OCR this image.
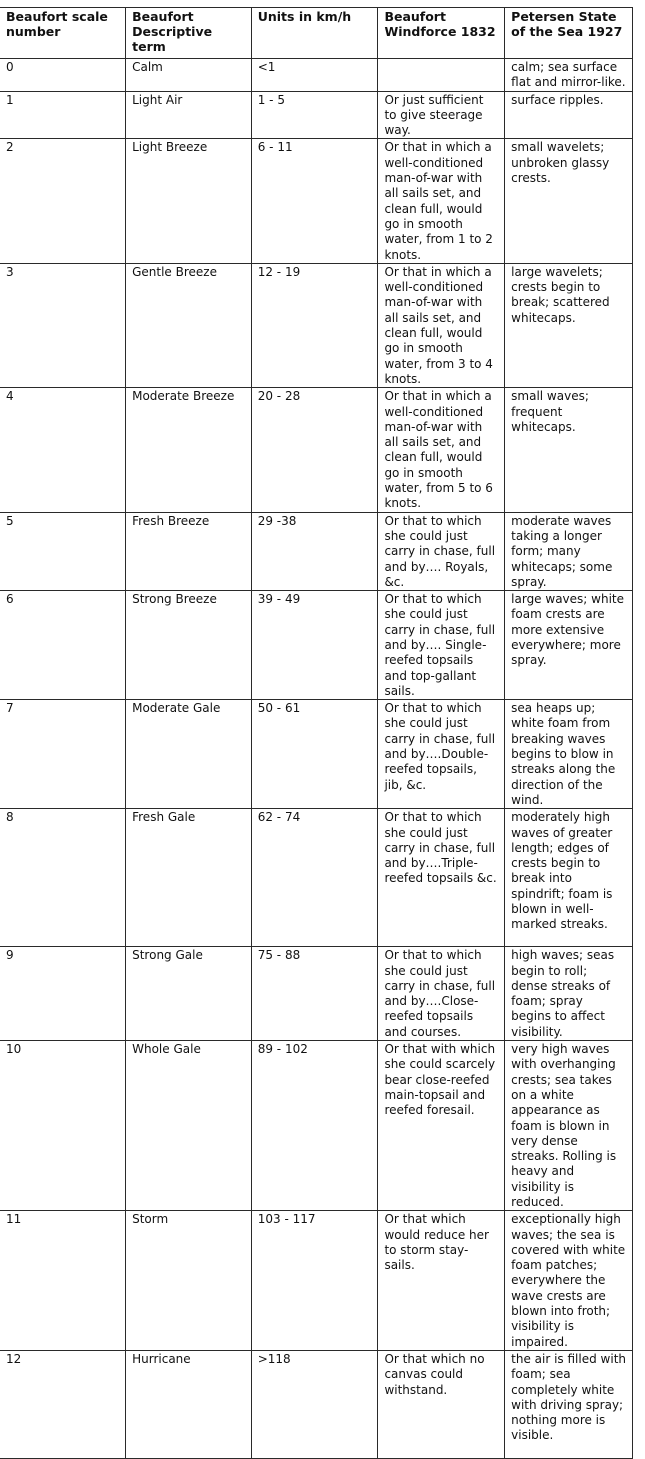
Beaufort scale number	Beaufort Descriptive term	Units in km/h	Beaufort Windforce 1832	Petersen State of the Sea 1927
0	Calm	<1		calm; sea surface flat and mirror-like.
1	Light Air	1 - 5	Or just sufficient to give steerage way.	surface ripples.
2	Light Breeze	6 - 11	Or that in which a well-conditioned man-of-war with all sails set, and clean full, would go in smooth water, from 1 to 2 knots.	small wavelets; unbroken glassy crests.
3	Gentle Breeze	12 - 19	Or that in which a well-conditioned man-of-war with all sails set, and clean full, would go in smooth water, from 3 to 4 knots.	large wavelets; crests begin to break; scattered whitecaps.
4	Moderate Breeze	20 - 28	Or that in which a well-conditioned man-of-war with all sails set, and clean full, would go in smooth water, from 5 to 6 knots.	small waves; frequent whitecaps.
5	Fresh Breeze	29 -38	Or that to which she could just carry in chase, full and by…. Royals, &c.	moderate waves taking a longer form; many whitecaps; some spray.
6	Strong Breeze	39 - 49	Or that to which she could just carry in chase, full and by…. Single-reefed topsails and top-gallant sails.	large waves; white foam crests are more extensive everywhere; more spray.
7	Moderate Gale	50 - 61	Or that to which she could just carry in chase, full and by….Double-reefed topsails, jib, &c.	sea heaps up; white foam from breaking waves begins to blow in streaks along the direction of the wind.
8	Fresh Gale	62 - 74	Or that to which she could just carry in chase, full and by….Triple-reefed topsails &c.	moderately high waves of greater length; edges of crests begin to break into spindrift; foam is blown in well-marked streaks.
9	Strong Gale	75 - 88	Or that to which she could just carry in chase, full and by….Close-reefed topsails and courses.	high waves; seas begin to roll; dense streaks of foam; spray begins to affect visibility.
10	Whole Gale	89 - 102	Or that with which she could scarcely bear close-reefed main-topsail and reefed foresail.	very high waves with overhanging crests; sea takes on a white appearance as foam is blown in very dense streaks. Rolling is heavy and visibility is reduced.
11	Storm	103 - 117	Or that which would reduce her to storm stay-sails.	exceptionally high waves; the sea is covered with white foam patches; everywhere the wave crests are blown into froth; visibility is impaired.
12	Hurricane	>118	Or that which no canvas could withstand.	the air is filled with foam; sea completely white with driving spray; nothing more is visible.
